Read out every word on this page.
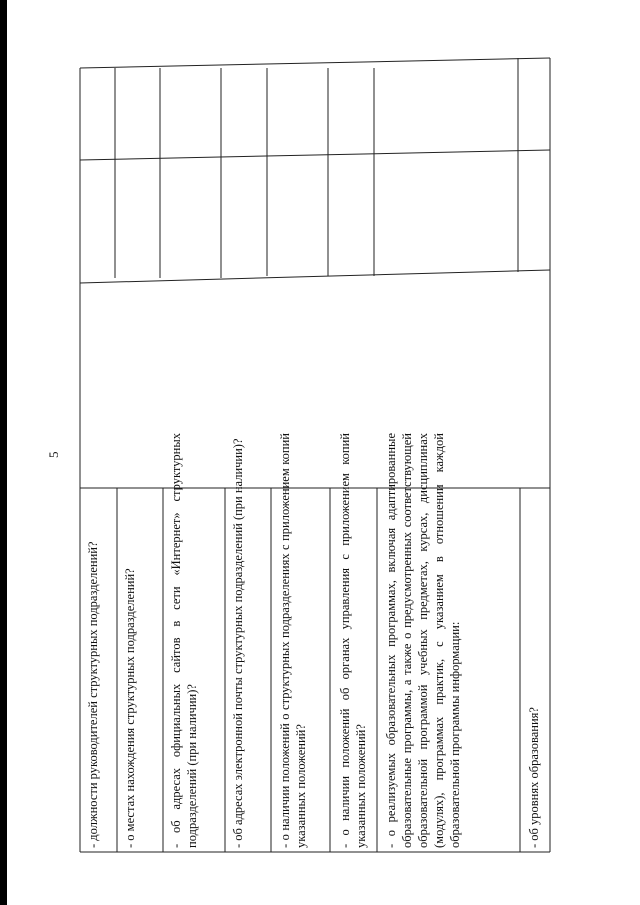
5
- должности руководителей структурных подразделений? - о местах нахождения структурных подразделений?	- об адресах официальных сайтов в сети «Интернет» структурных подразделений (при наличии)?	- об адресах электронной почты структурных подразделений (при наличии)?	- о наличии положений о структурных подразделениях с приложением копий указанных положений? - о наличии положений об органах управления с приложением копий указанных положений? - о реализуемых образовательных программах, включая адаптированные образовательные программы, а также о предусмотренных соответствующей образовательной программой учебных предметах, курсах, дисциплинах (модулях), программах практик, с указанием в отношении каждой образовательной программы информации:	- об уровнях образования?
